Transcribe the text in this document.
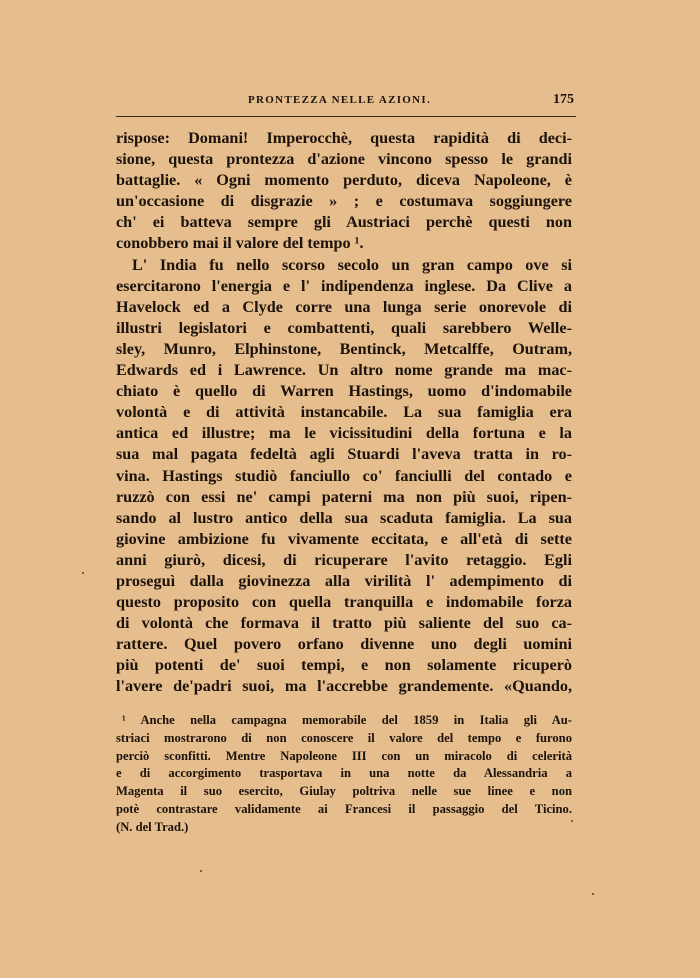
PRONTEZZA NELLE AZIONI.	175
rispose: Domani! Imperocchè, questa rapidità di deci-
sione, questa prontezza d'azione vincono spesso le grandi
battaglie. « Ogni momento perduto, diceva Napoleone, è
un'occasione di disgrazie » ; e costumava soggiungere
ch' ei batteva sempre gli Austriaci perchè questi non
conobbero mai il valore del tempo ¹.
L' India fu nello scorso secolo un gran campo ove si
esercitarono l'energia e l' indipendenza inglese. Da Clive a
Havelock ed a Clyde corre una lunga serie onorevole di
illustri legislatori e combattenti, quali sarebbero Welle-
sley, Munro, Elphinstone, Bentinck, Metcalffe, Outram,
Edwards ed i Lawrence. Un altro nome grande ma mac-
chiato è quello di Warren Hastings, uomo d'indomabile
volontà e di attività instancabile. La sua famiglia era
antica ed illustre; ma le vicissitudini della fortuna e la
sua mal pagata fedeltà agli Stuardi l'aveva tratta in ro-
vina. Hastings studiò fanciullo co' fanciulli del contado e
ruzzò con essi ne' campi paterni ma non più suoi, ripen-
sando al lustro antico della sua scaduta famiglia. La sua
giovine ambizione fu vivamente eccitata, e all'età di sette
anni giurò, dicesi, di ricuperare l'avito retaggio. Egli
proseguì dalla giovinezza alla virilità l' adempimento di
questo proposito con quella tranquilla e indomabile forza
di volontà che formava il tratto più saliente del suo ca-
rattere. Quel povero orfano divenne uno degli uomini
più potenti de' suoi tempi, e non solamente ricuperò
l'avere de'padri suoi, ma l'accrebbe grandemente. «Quando,
¹ Anche nella campagna memorabile del 1859 in Italia gli Au-
striaci mostrarono di non conoscere il valore del tempo e furono
perciò sconfitti. Mentre Napoleone III con un miracolo di celerità
e di accorgimento trasportava in una notte da Alessandria a
Magenta il suo esercito, Giulay poltriva nelle sue linee e non
potè contrastare validamente ai Francesi il passaggio del Ticino.
(N. del Trad.)
